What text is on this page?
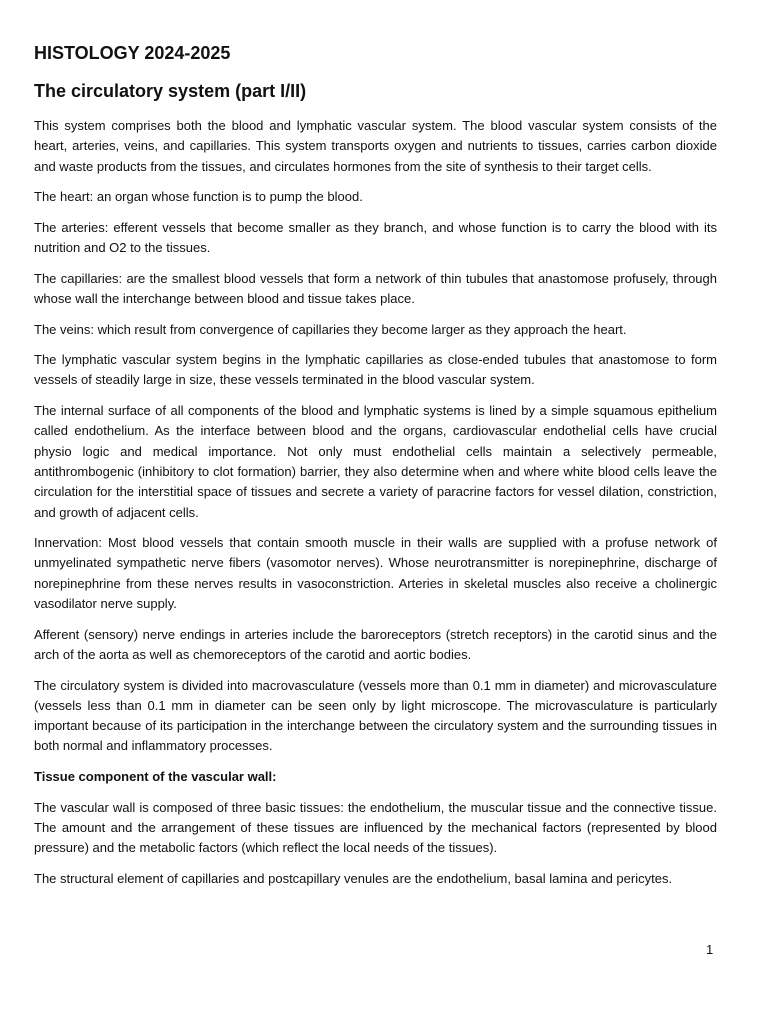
HISTOLOGY 2024-2025
The circulatory system (part I/II)

This system comprises both the blood and lymphatic vascular system. The blood vascular system consists of the heart, arteries, veins, and capillaries. This system transports oxygen and nutrients to tissues, carries carbon dioxide and waste products from the tissues, and circulates hormones from the site of synthesis to their target cells.

The heart: an organ whose function is to pump the blood.

The arteries: efferent vessels that become smaller as they branch, and whose function is to carry the blood with its nutrition and O2 to the tissues.

The capillaries: are the smallest blood vessels that form a network of thin tubules that anastomose profusely, through whose wall the interchange between blood and tissue takes place.

The veins: which result from convergence of capillaries they become larger as they approach the heart.

The lymphatic vascular system begins in the lymphatic capillaries as close-ended tubules that anastomose to form vessels of steadily large in size, these vessels terminated in the blood vascular system.

The internal surface of all components of the blood and lymphatic systems is lined by a simple squamous epithelium called endothelium. As the interface between blood and the organs, cardiovascular endothelial cells have crucial physio logic and medical importance. Not only must endothelial cells maintain a selectively permeable, antithrombogenic (inhibitory to clot formation) barrier, they also determine when and where white blood cells leave the circulation for the interstitial space of tissues and secrete a variety of paracrine factors for vessel dilation, constriction, and growth of adjacent cells.

Innervation: Most blood vessels that contain smooth muscle in their walls are supplied with a profuse network of unmyelinated sympathetic nerve fibers (vasomotor nerves). Whose neurotransmitter is norepinephrine, discharge of norepinephrine from these nerves results in vasoconstriction. Arteries in skeletal muscles also receive a cholinergic vasodilator nerve supply.

Afferent (sensory) nerve endings in arteries include the baroreceptors (stretch receptors) in the carotid sinus and the arch of the aorta as well as chemoreceptors of the carotid and aortic bodies.

The circulatory system is divided into macrovasculature (vessels more than 0.1 mm in diameter) and microvasculature (vessels less than 0.1 mm in diameter can be seen only by light microscope. The microvasculature is particularly important because of its participation in the interchange between the circulatory system and the surrounding tissues in both normal and inflammatory processes.

Tissue component of the vascular wall:

The vascular wall is composed of three basic tissues: the endothelium, the muscular tissue and the connective tissue. The amount and the arrangement of these tissues are influenced by the mechanical factors (represented by blood pressure) and the metabolic factors (which reflect the local needs of the tissues).

The structural element of capillaries and postcapillary venules are the endothelium, basal lamina and pericytes.

1
